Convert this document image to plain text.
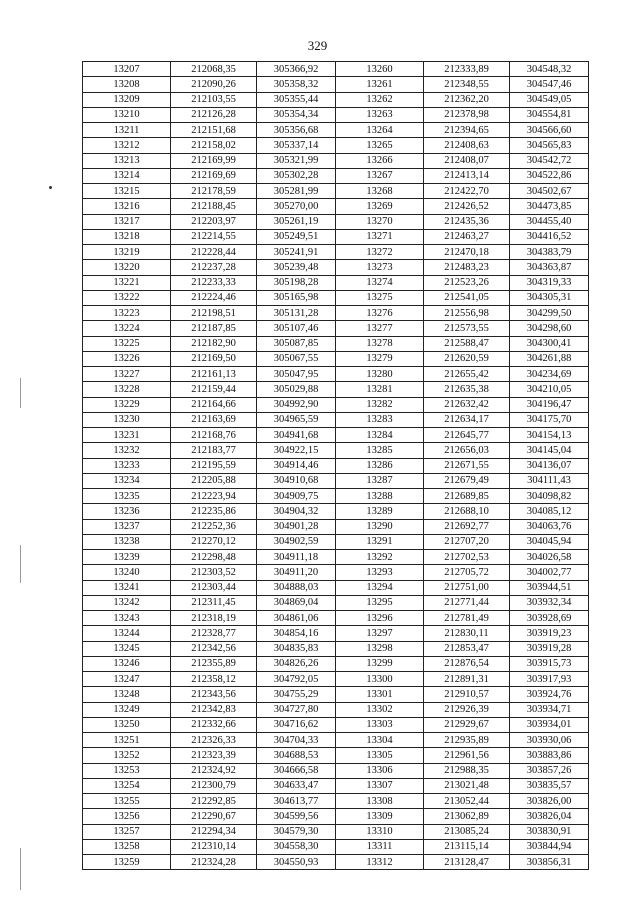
329
13207	212068,35	305366,92	13260	212333,89	304548,32
13208	212090,26	305358,32	13261	212348,55	304547,46
13209	212103,55	305355,44	13262	212362,20	304549,05
13210	212126,28	305354,34	13263	212378,98	304554,81
13211	212151,68	305356,68	13264	212394,65	304566,60
13212	212158,02	305337,14	13265	212408,63	304565,83
13213	212169,99	305321,99	13266	212408,07	304542,72
13214	212169,69	305302,28	13267	212413,14	304522,86
13215	212178,59	305281,99	13268	212422,70	304502,67
13216	212188,45	305270,00	13269	212426,52	304473,85
13217	212203,97	305261,19	13270	212435,36	304455,40
13218	212214,55	305249,51	13271	212463,27	304416,52
13219	212228,44	305241,91	13272	212470,18	304383,79
13220	212237,28	305239,48	13273	212483,23	304363,87
13221	212233,33	305198,28	13274	212523,26	304319,33
13222	212224,46	305165,98	13275	212541,05	304305,31
13223	212198,51	305131,28	13276	212556,98	304299,50
13224	212187,85	305107,46	13277	212573,55	304298,60
13225	212182,90	305087,85	13278	212588,47	304300,41
13226	212169,50	305067,55	13279	212620,59	304261,88
13227	212161,13	305047,95	13280	212655,42	304234,69
13228	212159,44	305029,88	13281	212635,38	304210,05
13229	212164,66	304992,90	13282	212632,42	304196,47
13230	212163,69	304965,59	13283	212634,17	304175,70
13231	212168,76	304941,68	13284	212645,77	304154,13
13232	212183,77	304922,15	13285	212656,03	304145,04
13233	212195,59	304914,46	13286	212671,55	304136,07
13234	212205,88	304910,68	13287	212679,49	304111,43
13235	212223,94	304909,75	13288	212689,85	304098,82
13236	212235,86	304904,32	13289	212688,10	304085,12
13237	212252,36	304901,28	13290	212692,77	304063,76
13238	212270,12	304902,59	13291	212707,20	304045,94
13239	212298,48	304911,18	13292	212702,53	304026,58
13240	212303,52	304911,20	13293	212705,72	304002,77
13241	212303,44	304888,03	13294	212751,00	303944,51
13242	212311,45	304869,04	13295	212771,44	303932,34
13243	212318,19	304861,06	13296	212781,49	303928,69
13244	212328,77	304854,16	13297	212830,11	303919,23
13245	212342,56	304835,83	13298	212853,47	303919,28
13246	212355,89	304826,26	13299	212876,54	303915,73
13247	212358,12	304792,05	13300	212891,31	303917,93
13248	212343,56	304755,29	13301	212910,57	303924,76
13249	212342,83	304727,80	13302	212926,39	303934,71
13250	212332,66	304716,62	13303	212929,67	303934,01
13251	212326,33	304704,33	13304	212935,89	303930,06
13252	212323,39	304688,53	13305	212961,56	303883,86
13253	212324,92	304666,58	13306	212988,35	303857,26
13254	212300,79	304633,47	13307	213021,48	303835,57
13255	212292,85	304613,77	13308	213052,44	303826,00
13256	212290,67	304599,56	13309	213062,89	303826,04
13257	212294,34	304579,30	13310	213085,24	303830,91
13258	212310,14	304558,30	13311	213115,14	303844,94
13259	212324,28	304550,93	13312	213128,47	303856,31
